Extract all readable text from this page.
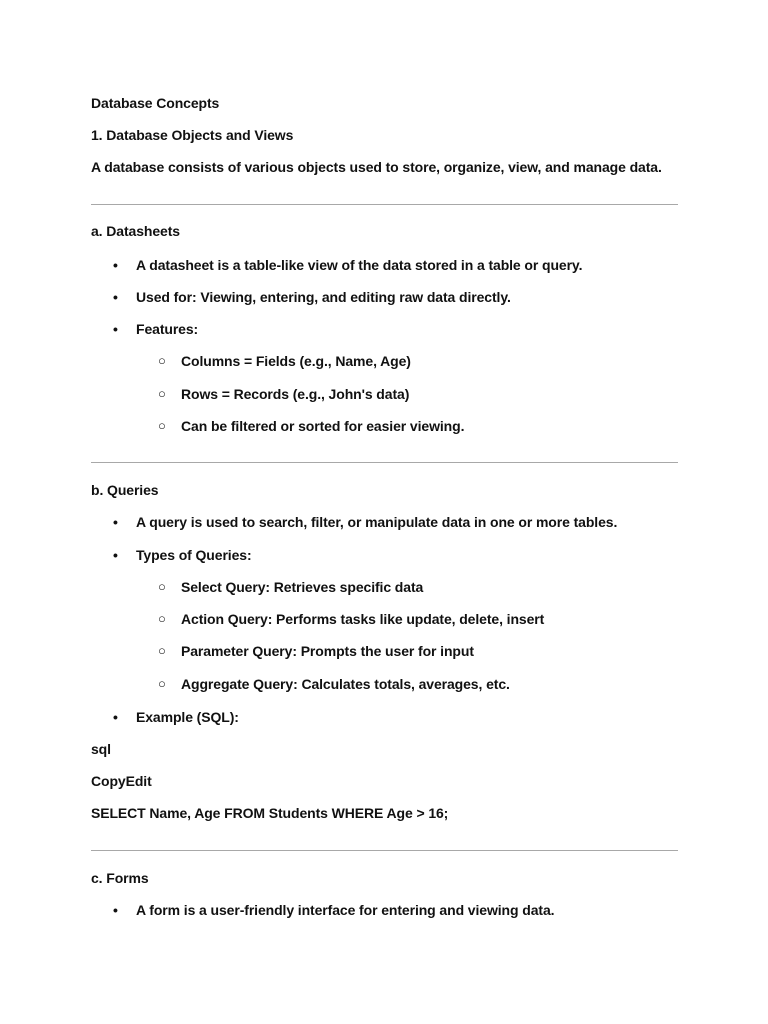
Database Concepts
1. Database Objects and Views
A database consists of various objects used to store, organize, view, and manage data.
a. Datasheets
• A datasheet is a table-like view of the data stored in a table or query.
• Used for: Viewing, entering, and editing raw data directly.
• Features:
○ Columns = Fields (e.g., Name, Age)
○ Rows = Records (e.g., John's data)
○ Can be filtered or sorted for easier viewing.
b. Queries
• A query is used to search, filter, or manipulate data in one or more tables.
• Types of Queries:
○ Select Query: Retrieves specific data
○ Action Query: Performs tasks like update, delete, insert
○ Parameter Query: Prompts the user for input
○ Aggregate Query: Calculates totals, averages, etc.
• Example (SQL):
sql
CopyEdit
SELECT Name, Age FROM Students WHERE Age > 16;
c. Forms
• A form is a user-friendly interface for entering and viewing data.
